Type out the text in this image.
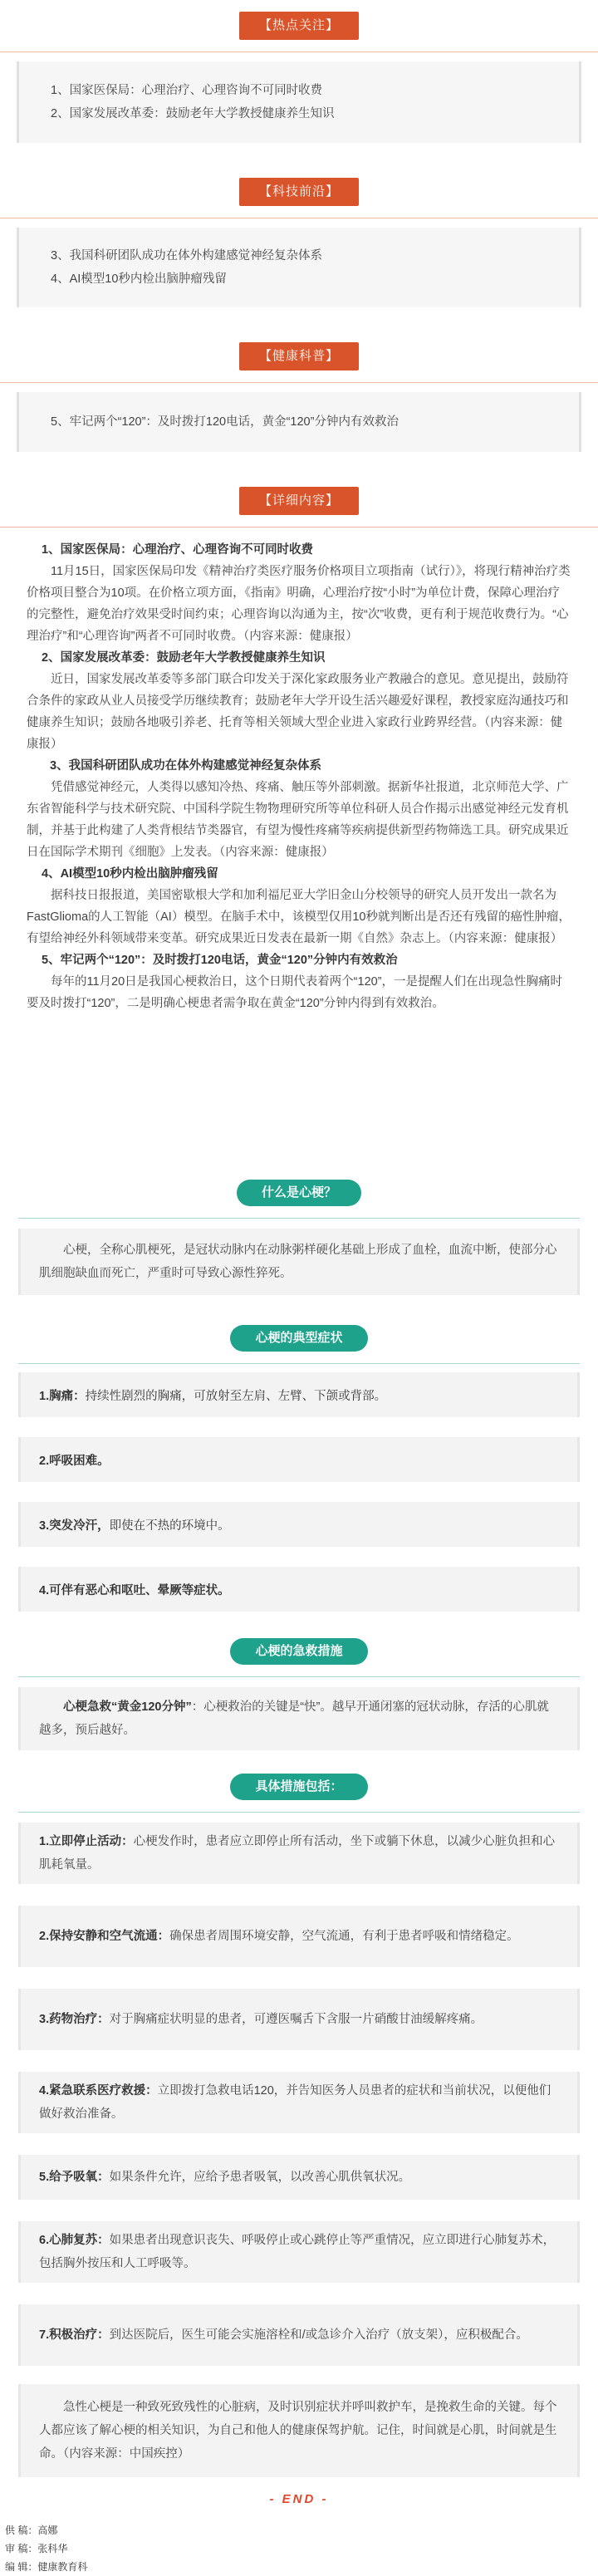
【热点关注】

1、国家医保局：心理治疗、心理咨询不可同时收费

2、国家发展改革委：鼓励老年大学教授健康养生知识

【科技前沿】

3、我国科研团队成功在体外构建感觉神经复杂体系

4、AI模型10秒内检出脑肿瘤残留

【健康科普】

5、牢记两个“120”：及时拨打120电话，黄金“120”分钟内有效救治

【详细内容】
1、国家医保局：心理治疗、心理咨询不可同时收费
11月15日，国家医保局印发《精神治疗类医疗服务价格项目立项指南（试行）》，将现行精神治疗类价格项目整合为10项。在价格立项方面，《指南》明确，心理治疗按“小时”为单位计费，保障心理治疗的完整性，避免治疗效果受时间约束；心理咨询以沟通为主，按“次”收费，更有利于规范收费行为。“心理治疗”和“心理咨询”两者不可同时收费。（内容来源：健康报）
2、国家发展改革委：鼓励老年大学教授健康养生知识
近日，国家发展改革委等多部门联合印发关于深化家政服务业产教融合的意见。意见提出，鼓励符合条件的家政从业人员接受学历继续教育；鼓励老年大学开设生活兴趣爱好课程，教授家庭沟通技巧和健康养生知识；鼓励各地吸引养老、托育等相关领域大型企业进入家政行业跨界经营。（内容来源：健康报）
3、我国科研团队成功在体外构建感觉神经复杂体系
凭借感觉神经元，人类得以感知冷热、疼痛、触压等外部刺激。据新华社报道，北京师范大学、广东省智能科学与技术研究院、中国科学院生物物理研究所等单位科研人员合作揭示出感觉神经元发育机制，并基于此构建了人类背根结节类器官，有望为慢性疼痛等疾病提供新型药物筛选工具。研究成果近日在国际学术期刊《细胞》上发表。（内容来源：健康报）
4、AI模型10秒内检出脑肿瘤残留
据科技日报报道，美国密歇根大学和加利福尼亚大学旧金山分校领导的研究人员开发出一款名为FastGlioma的人工智能（AI）模型。在脑手术中，该模型仅用10秒就判断出是否还有残留的癌性肿瘤，有望给神经外科领域带来变革。研究成果近日发表在最新一期《自然》杂志上。（内容来源：健康报）
5、牢记两个“120”：及时拨打120电话，黄金“120”分钟内有效救治
每年的11月20日是我国心梗救治日，这个日期代表着两个“120”，一是提醒人们在出现急性胸痛时要及时拨打“120”，二是明确心梗患者需争取在黄金“120”分钟内得到有效救治。
什么是心梗？
心梗，全称心肌梗死，是冠状动脉内在动脉粥样硬化基础上形成了血栓，血流中断，使部分心肌细胞缺血而死亡，严重时可导致心源性猝死。
心梗的典型症状
1.胸痛： 持续性剧烈的胸痛，可放射至左肩、左臂、下颌或背部。
2.呼吸困难。
3.突发冷汗， 即使在不热的环境中。
4.可伴有恶心和呕吐、晕厥等症状。
心梗的急救措施
心梗急救“黄金120分钟”：心梗救治的关键是“快”。越早开通闭塞的冠状动脉，存活的心肌就越多，预后越好。
具体措施包括：
1.立即停止活动：心梗发作时，患者应立即停止所有活动，坐下或躺下休息，以减少心脏负担和心肌耗氧量。
2.保持安静和空气流通：确保患者周围环境安静，空气流通，有利于患者呼吸和情绪稳定。
3.药物治疗：对于胸痛症状明显的患者，可遵医嘱舌下含服一片硝酸甘油缓解疼痛。
4.紧急联系医疗救援：立即拨打急救电话120，并告知医务人员患者的症状和当前状况，以便他们做好救治准备。
5.给予吸氧：如果条件允许，应给予患者吸氧，以改善心肌供氧状况。
6.心肺复苏：如果患者出现意识丧失、呼吸停止或心跳停止等严重情况，应立即进行心肺复苏术，包括胸外按压和人工呼吸等。
7.积极治疗：到达医院后，医生可能会实施溶栓和/或急诊介入治疗（放支架），应积极配合。
急性心梗是一种致死致残性的心脏病，及时识别症状并呼叫救护车，是挽救生命的关键。每个人都应该了解心梗的相关知识，为自己和他人的健康保驾护航。记住，时间就是心肌，时间就是生命。（内容来源：中国疾控）
- END -
供 稿：高娜
审 稿：张科华
编 辑：健康教育科
